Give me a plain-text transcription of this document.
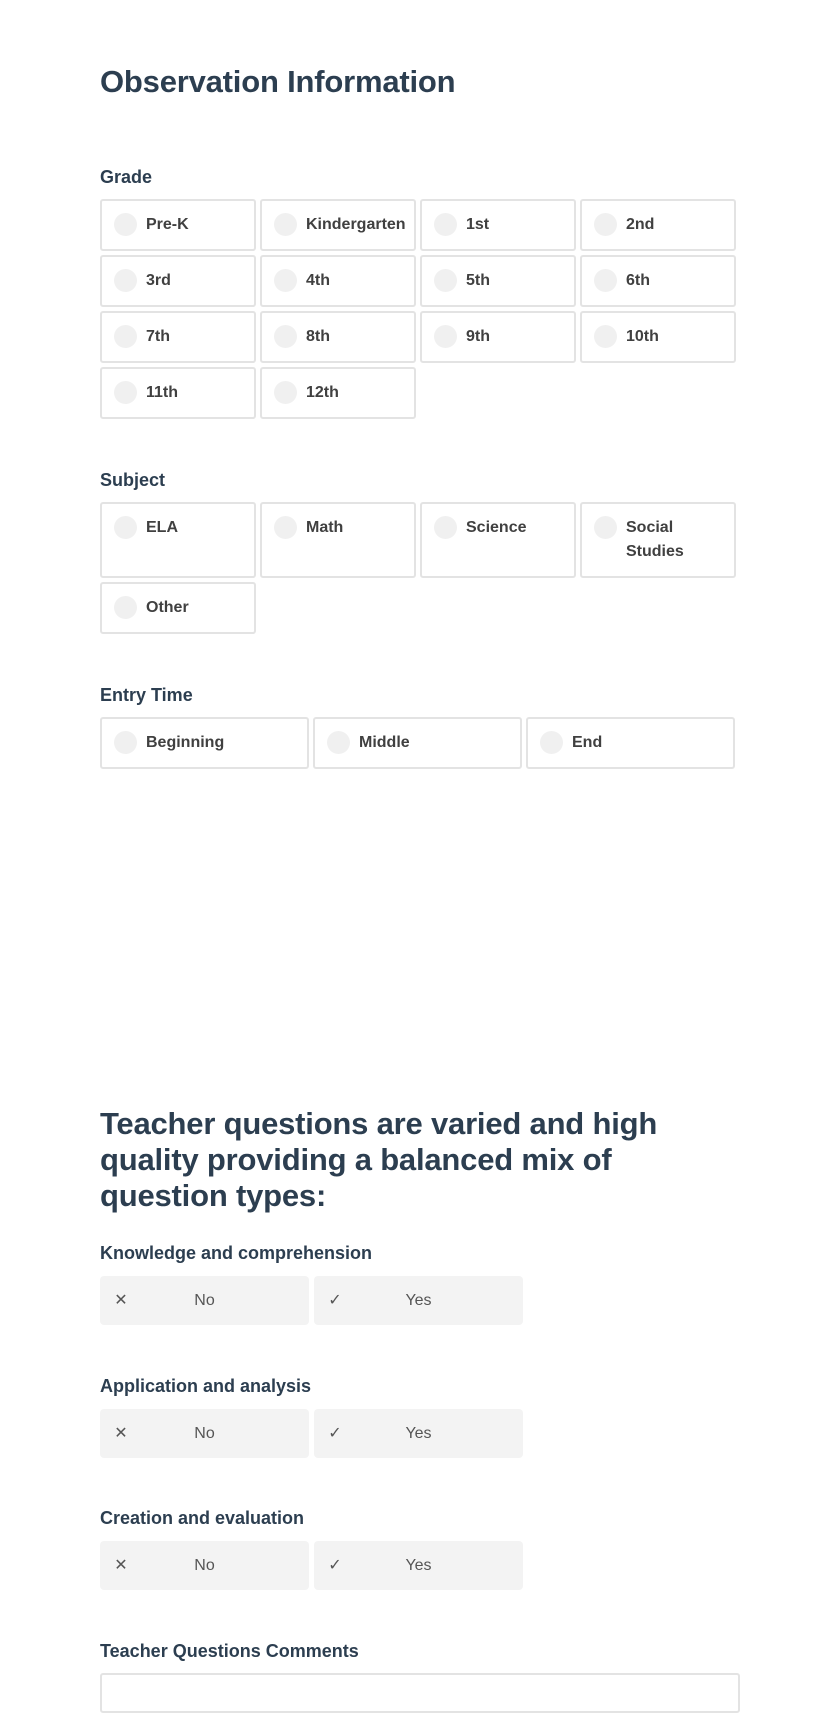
Observation Information
Grade
Pre-K	Kindergarten	1st	2nd
3rd	4th	5th	6th
7th	8th	9th	10th
11th	12th
Subject
ELA	Math	Science	Social Studies
Other
Entry Time
Beginning	Middle	End
Teacher questions are varied and high quality providing a balanced mix of question types:
Knowledge and comprehension
✕	No	✓	Yes
Application and analysis
✕	No	✓	Yes
Creation and evaluation
✕	No	✓	Yes
Teacher Questions Comments
